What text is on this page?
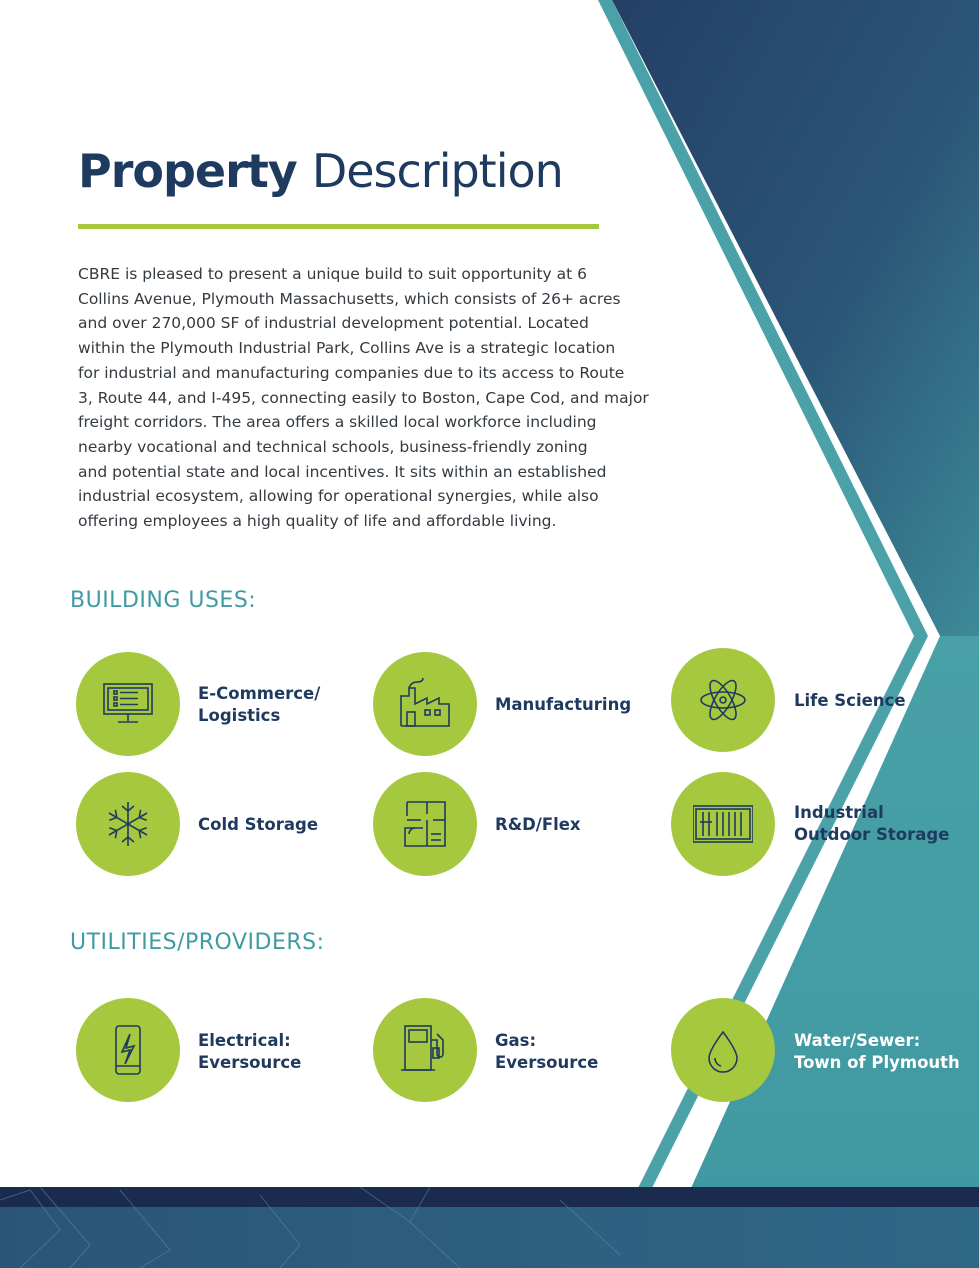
Property Description

CBRE is pleased to present a unique build to suit opportunity at 6
Collins Avenue, Plymouth Massachusetts, which consists of 26+ acres
and over 270,000 SF of industrial development potential. Located
within the Plymouth Industrial Park, Collins Ave is a strategic location
for industrial and manufacturing companies due to its access to Route
3, Route 44, and I-495, connecting easily to Boston, Cape Cod, and major
freight corridors. The area offers a skilled local workforce including
nearby vocational and technical schools, business-friendly zoning
and potential state and local incentives. It sits within an established
industrial ecosystem, allowing for operational synergies, while also
offering employees a high quality of life and affordable living.

BUILDING USES:
E-Commerce/
Logistics
Manufacturing	Life Science
Cold Storage	R&D/Flex
Industrial
Outdoor Storage
UTILITIES/PROVIDERS:
Electrical:
Eversource
Gas:
Eversource
Water/Sewer:
Town of Plymouth
